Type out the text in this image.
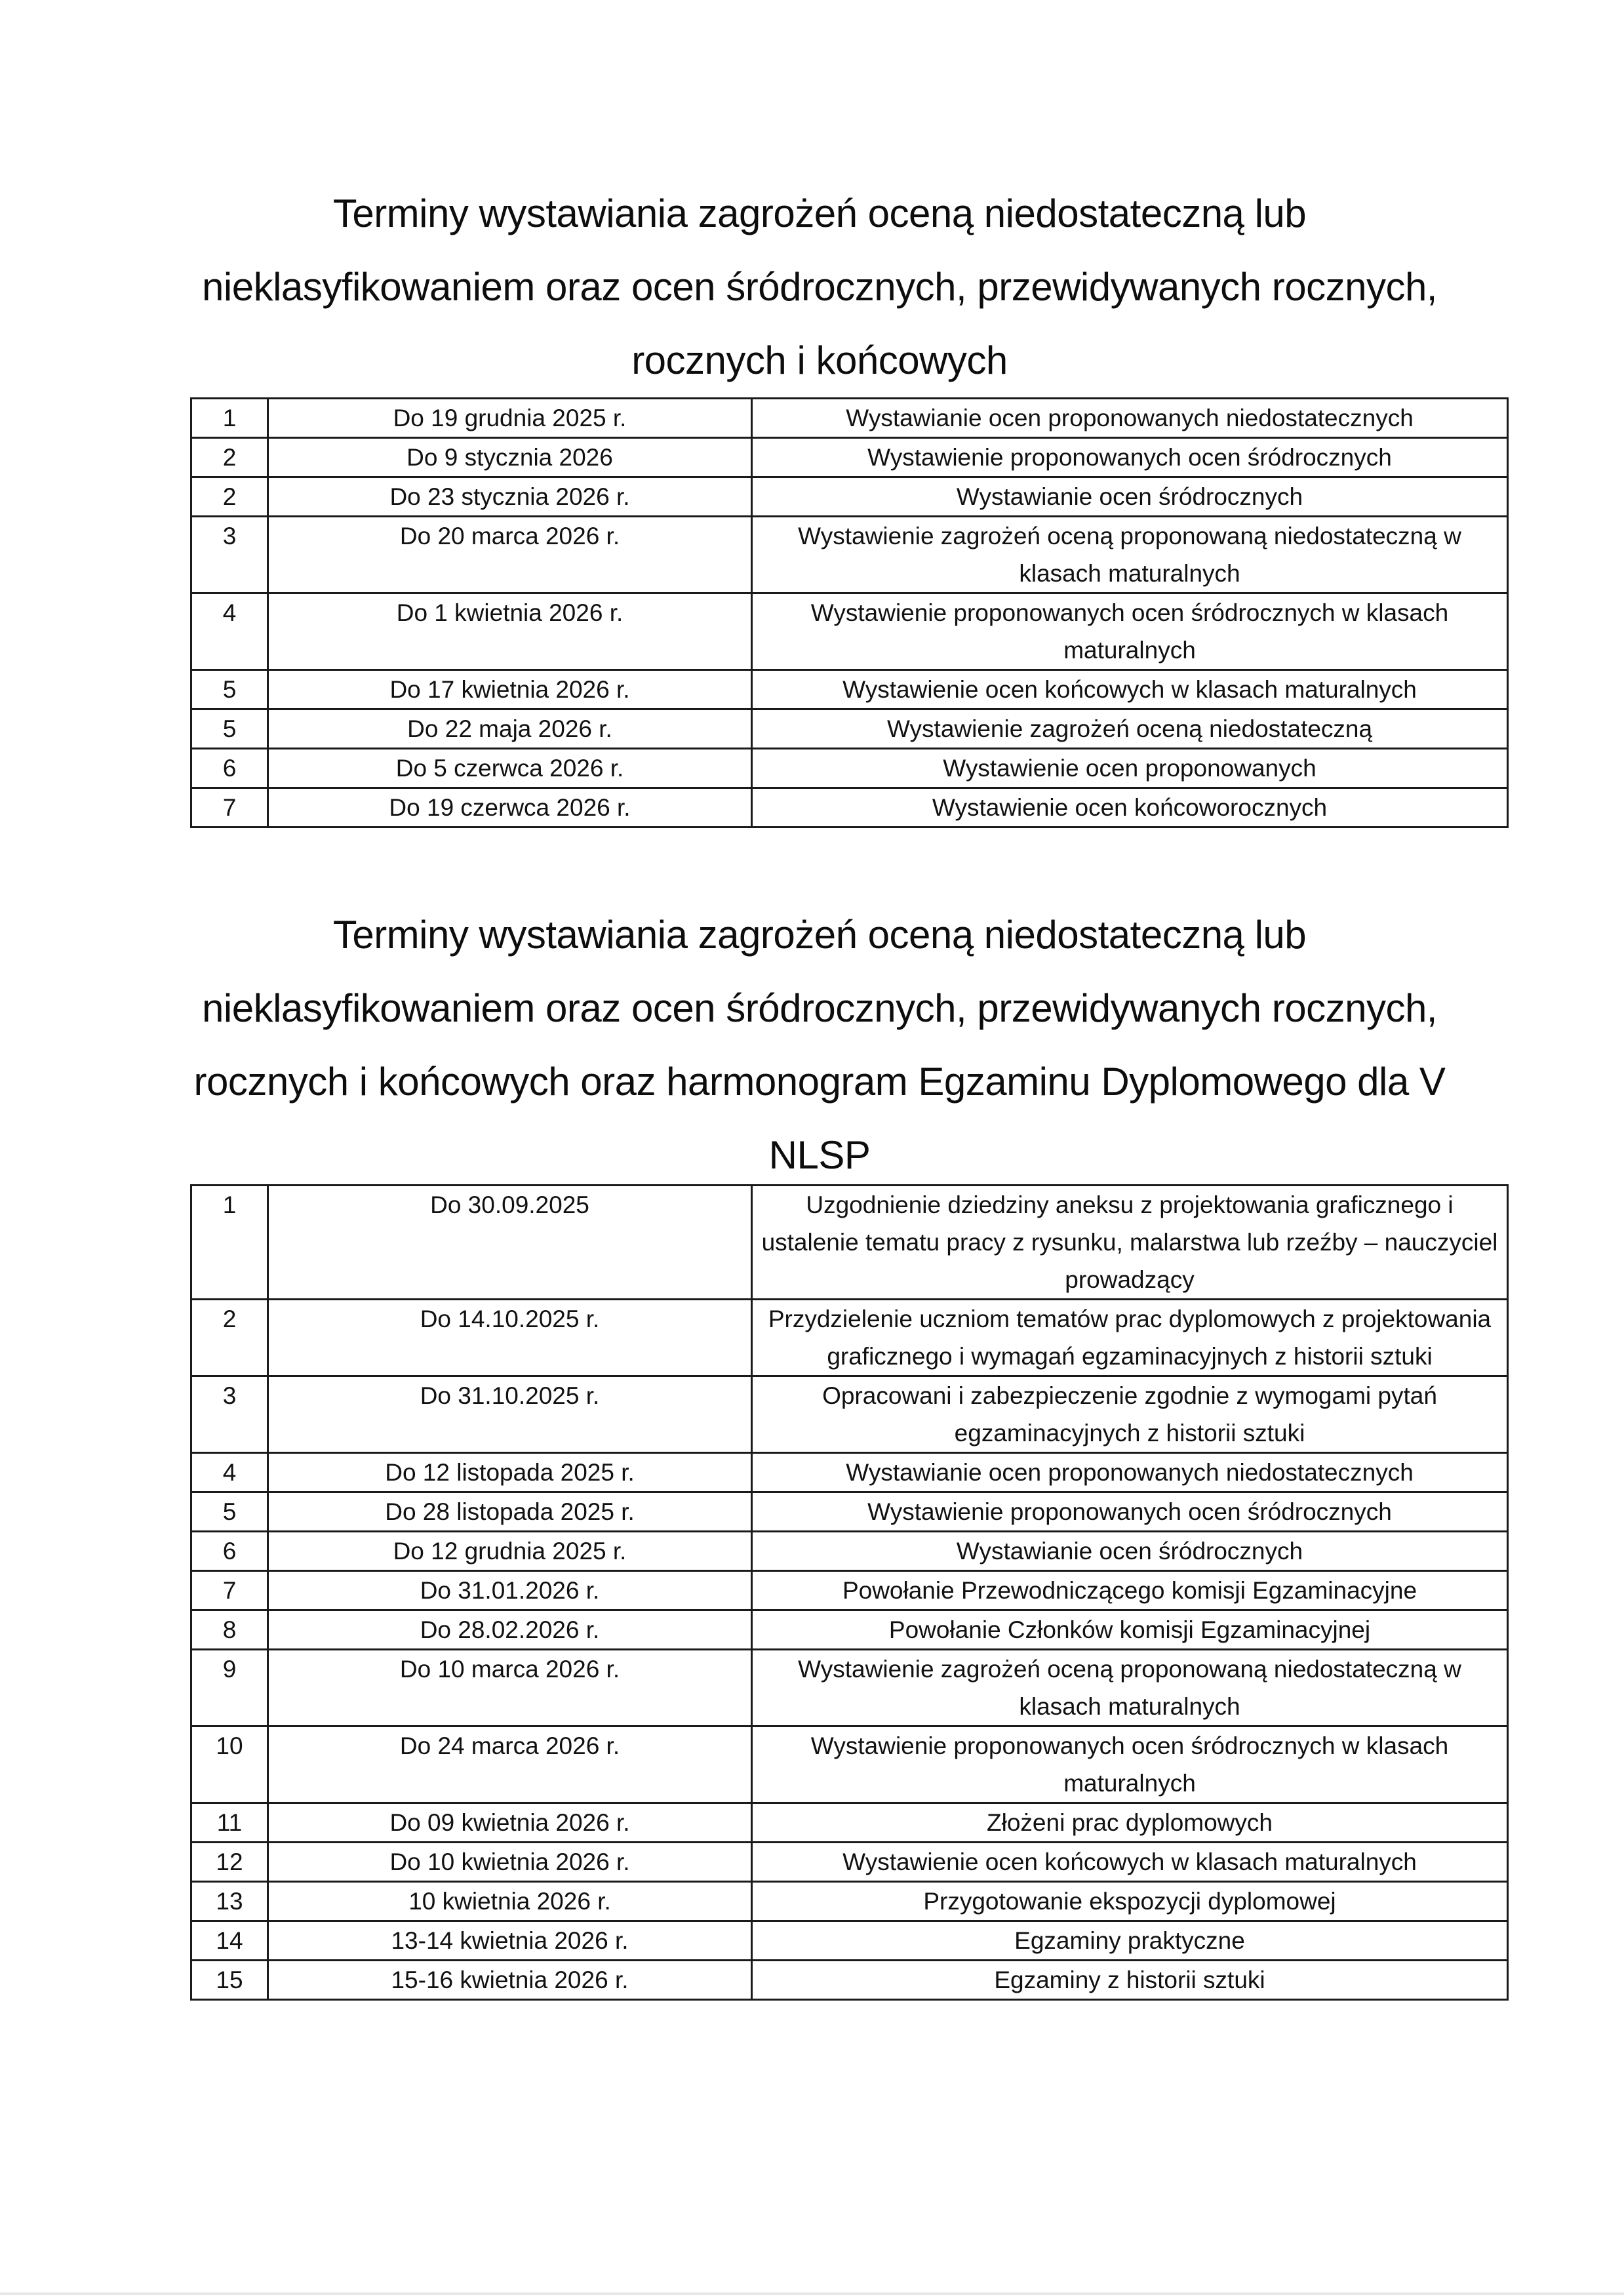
Terminy wystawiania zagrożeń oceną niedostateczną lub nieklasyfikowaniem oraz ocen śródrocznych, przewidywanych rocznych, rocznych i końcowych
1	Do 19 grudnia 2025 r.	Wystawianie ocen proponowanych niedostatecznych
2	Do 9 stycznia 2026	Wystawienie proponowanych ocen śródrocznych
2	Do 23 stycznia 2026 r.	Wystawianie ocen śródrocznych
3	Do 20 marca 2026 r.	Wystawienie zagrożeń oceną proponowaną niedostateczną w klasach maturalnych
4	Do 1 kwietnia 2026 r.	Wystawienie proponowanych ocen śródrocznych w klasach maturalnych
5	Do 17 kwietnia 2026 r.	Wystawienie ocen końcowych w klasach maturalnych
5	Do 22 maja 2026 r.	Wystawienie zagrożeń oceną niedostateczną
6	Do 5 czerwca 2026 r.	Wystawienie ocen proponowanych
7	Do 19 czerwca 2026 r.	Wystawienie ocen końcoworocznych
Terminy wystawiania zagrożeń oceną niedostateczną lub nieklasyfikowaniem oraz ocen śródrocznych, przewidywanych rocznych, rocznych i końcowych oraz harmonogram Egzaminu Dyplomowego dla V NLSP
1	Do 30.09.2025	Uzgodnienie dziedziny aneksu z projektowania graficznego i ustalenie tematu pracy z rysunku, malarstwa lub rzeźby – nauczyciel prowadzący
2	Do 14.10.2025 r.	Przydzielenie uczniom tematów prac dyplomowych z projektowania graficznego i wymagań egzaminacyjnych z historii sztuki
3	Do 31.10.2025 r.	Opracowani i zabezpieczenie zgodnie z wymogami pytań egzaminacyjnych z historii sztuki
4	Do 12 listopada 2025 r.	Wystawianie ocen proponowanych niedostatecznych
5	Do 28 listopada 2025 r.	Wystawienie proponowanych ocen śródrocznych
6	Do 12 grudnia 2025 r.	Wystawianie ocen śródrocznych
7	Do 31.01.2026 r.	Powołanie Przewodniczącego komisji Egzaminacyjne
8	Do 28.02.2026 r.	Powołanie Członków komisji Egzaminacyjnej
9	Do 10 marca 2026 r.	Wystawienie zagrożeń oceną proponowaną niedostateczną w klasach maturalnych
10	Do 24 marca 2026 r.	Wystawienie proponowanych ocen śródrocznych w klasach maturalnych
11	Do 09 kwietnia 2026 r.	Złożeni prac dyplomowych
12	Do 10 kwietnia 2026 r.	Wystawienie ocen końcowych w klasach maturalnych
13	10 kwietnia 2026 r.	Przygotowanie ekspozycji dyplomowej
14	13-14 kwietnia 2026 r.	Egzaminy praktyczne
15	15-16 kwietnia 2026 r.	Egzaminy z historii sztuki
